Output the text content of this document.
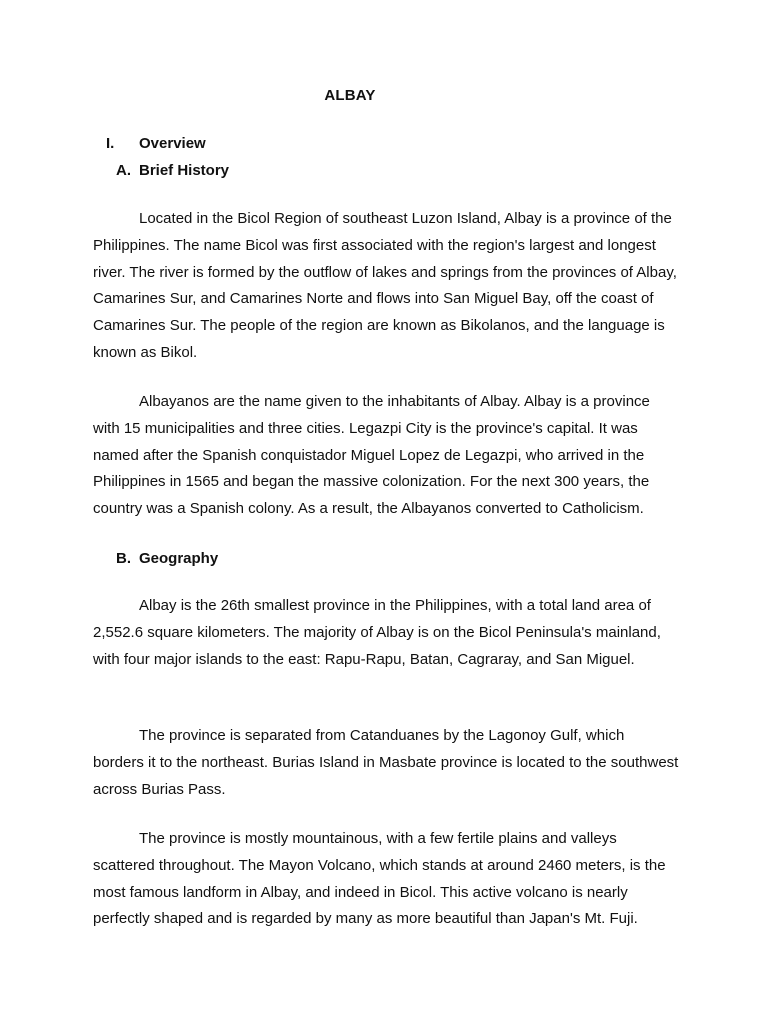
ALBAY
I. Overview
A. Brief History

Located in the Bicol Region of southeast Luzon Island, Albay is a province of the Philippines. The name Bicol was first associated with the region's largest and longest river. The river is formed by the outflow of lakes and springs from the provinces of Albay, Camarines Sur, and Camarines Norte and flows into San Miguel Bay, off the coast of Camarines Sur. The people of the region are known as Bikolanos, and the language is known as Bikol.

Albayanos are the name given to the inhabitants of Albay. Albay is a province with 15 municipalities and three cities. Legazpi City is the province's capital. It was named after the Spanish conquistador Miguel Lopez de Legazpi, who arrived in the Philippines in 1565 and began the massive colonization. For the next 300 years, the country was a Spanish colony. As a result, the Albayanos converted to Catholicism.

B. Geography

Albay is the 26th smallest province in the Philippines, with a total land area of 2,552.6 square kilometers. The majority of Albay is on the Bicol Peninsula's mainland, with four major islands to the east: Rapu-Rapu, Batan, Cagraray, and San Miguel.

The province is separated from Catanduanes by the Lagonoy Gulf, which borders it to the northeast. Burias Island in Masbate province is located to the southwest across Burias Pass.

The province is mostly mountainous, with a few fertile plains and valleys scattered throughout. The Mayon Volcano, which stands at around 2460 meters, is the most famous landform in Albay, and indeed in Bicol. This active volcano is nearly perfectly shaped and is regarded by many as more beautiful than Japan's Mt. Fuji.
